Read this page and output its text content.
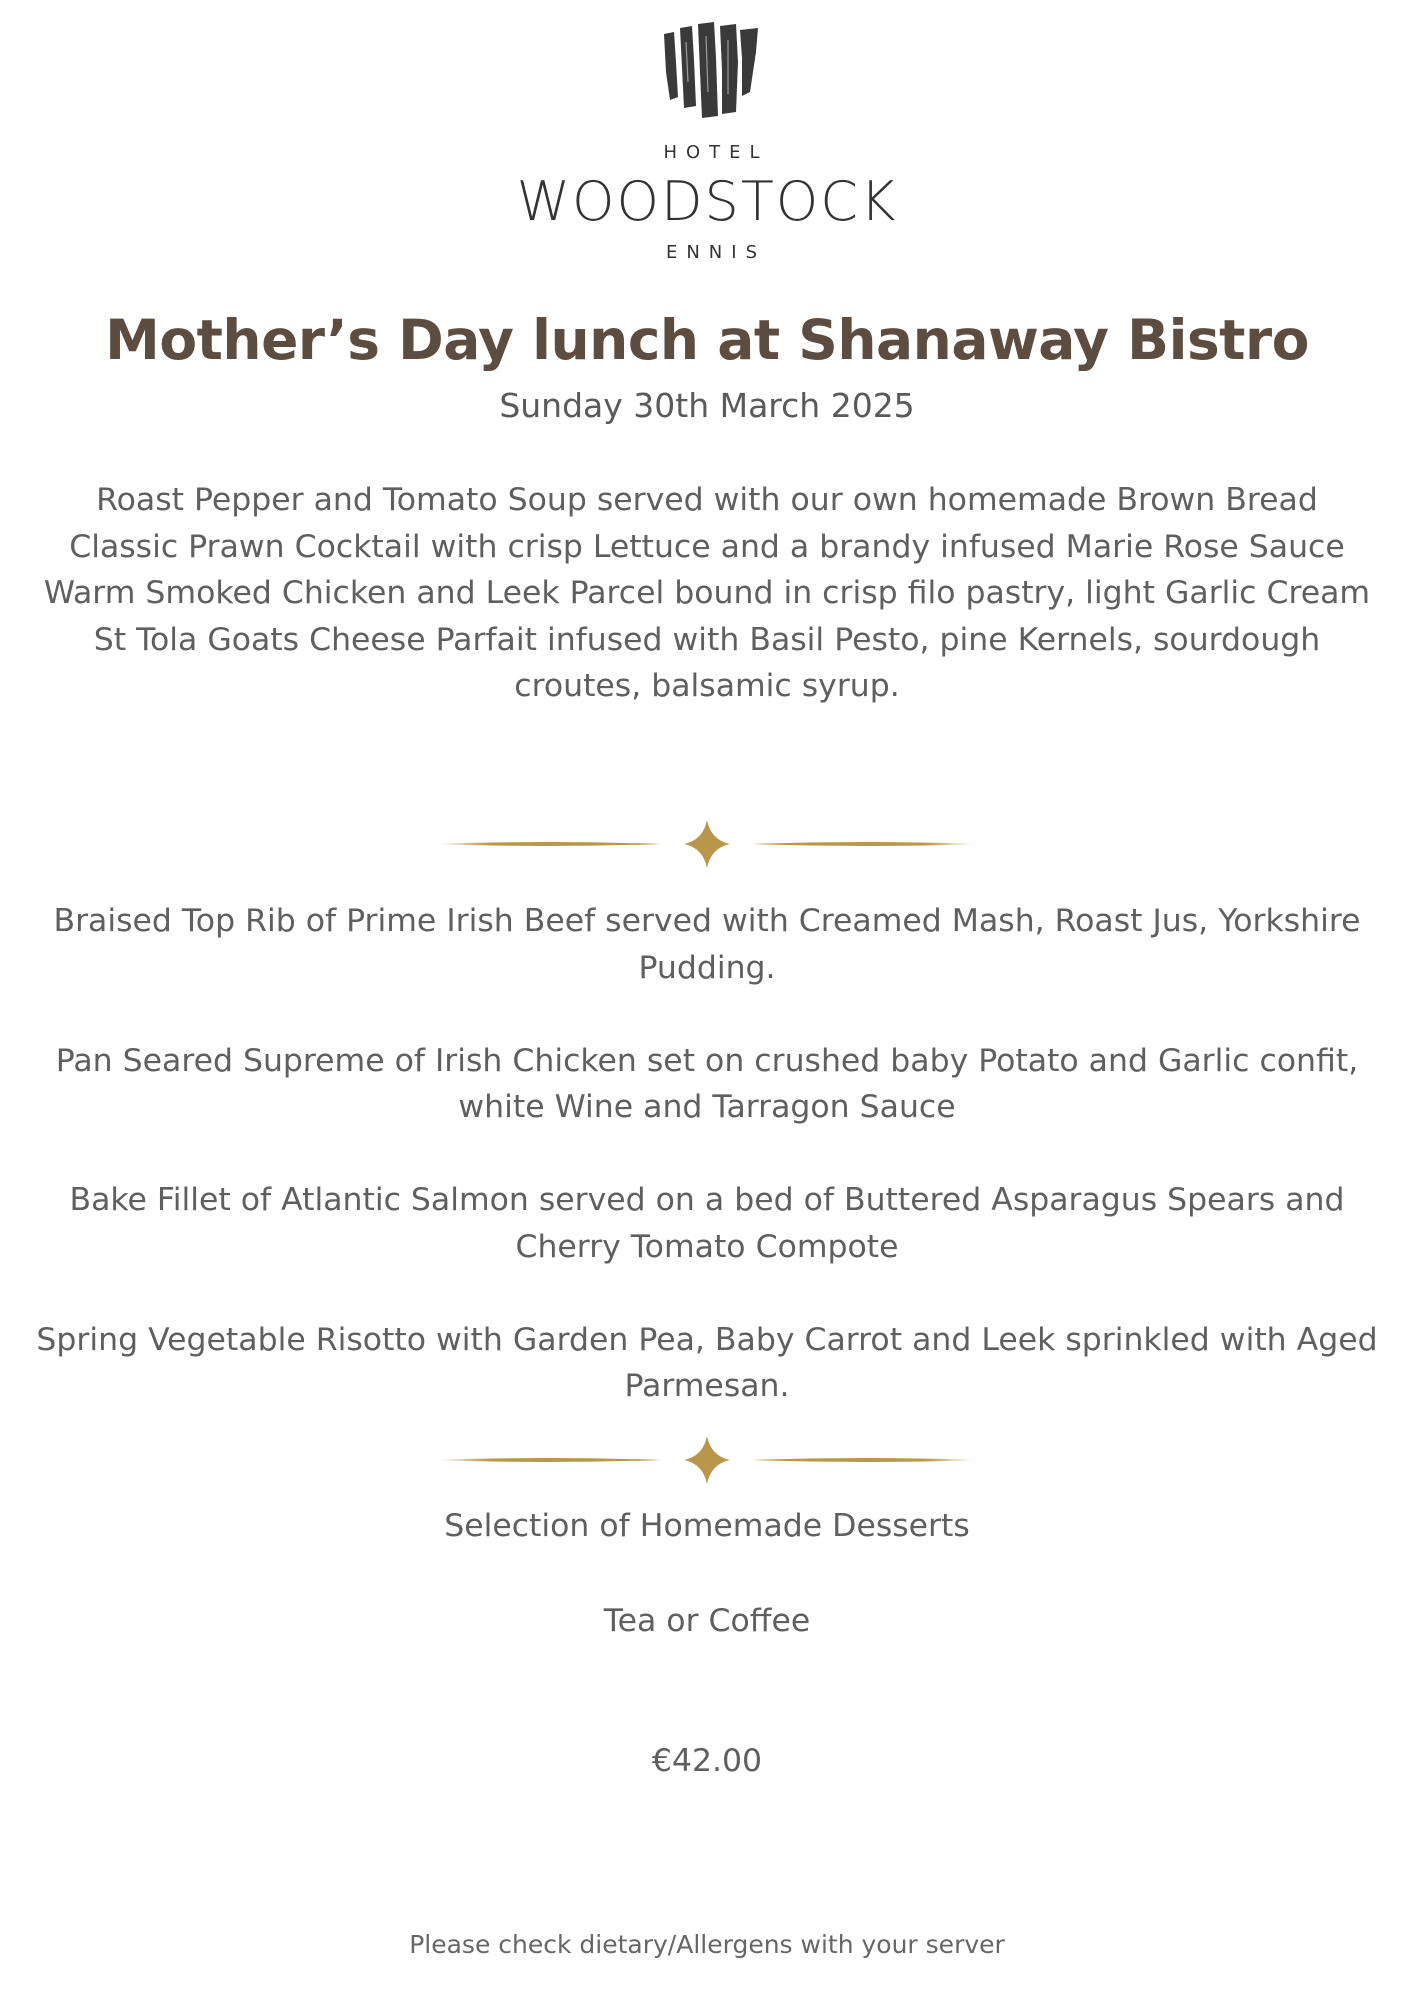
HOTEL
WOODSTOCK
ENNIS
Mother’s Day lunch at Shanaway Bistro
Sunday 30th March 2025

Roast Pepper and Tomato Soup served with our own homemade Brown Bread

Classic Prawn Cocktail with crisp Lettuce and a brandy infused Marie Rose Sauce

Warm Smoked Chicken and Leek Parcel bound in crisp filo pastry, light Garlic Cream

St Tola Goats Cheese Parfait infused with Basil Pesto, pine Kernels, sourdough croutes, balsamic syrup.

Braised Top Rib of Prime Irish Beef served with Creamed Mash, Roast Jus, Yorkshire Pudding.

Pan Seared Supreme of Irish Chicken set on crushed baby Potato and Garlic confit, white Wine and Tarragon Sauce

Bake Fillet of Atlantic Salmon served on a bed of Buttered Asparagus Spears and Cherry Tomato Compote

Spring Vegetable Risotto with Garden Pea, Baby Carrot and Leek sprinkled with Aged Parmesan.

Selection of Homemade Desserts
Tea or Coffee
€42.00
Please check dietary/Allergens with your server
